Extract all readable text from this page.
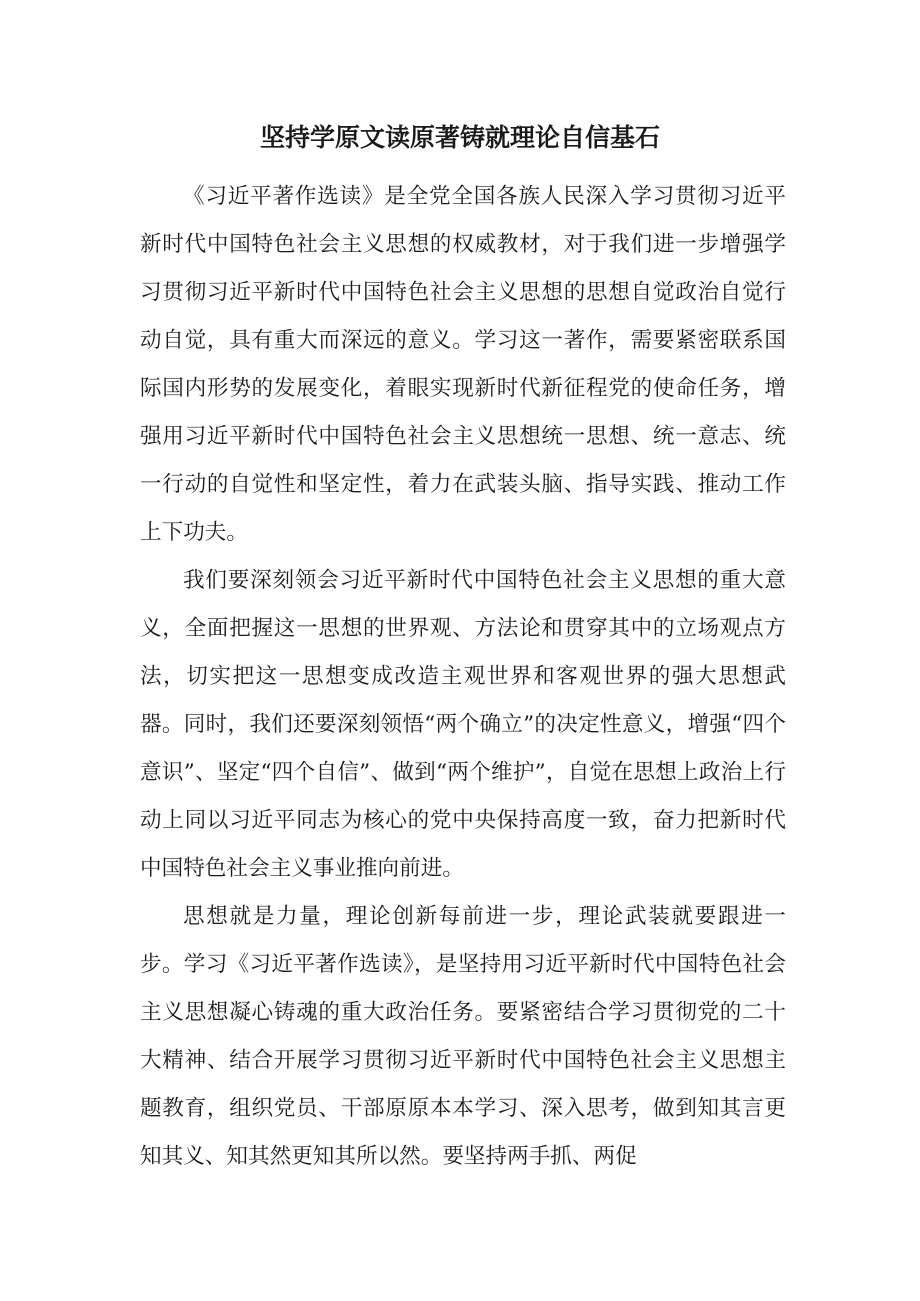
坚持学原文读原著铸就理论自信基石

《习近平著作选读》是全党全国各族人民深入学习贯彻习近平新时代中国特色社会主义思想的权威教材，对于我们进一步增强学习贯彻习近平新时代中国特色社会主义思想的思想自觉政治自觉行动自觉，具有重大而深远的意义。学习这一著作，需要紧密联系国际国内形势的发展变化，着眼实现新时代新征程党的使命任务，增强用习近平新时代中国特色社会主义思想统一思想、统一意志、统一行动的自觉性和坚定性，着力在武装头脑、指导实践、推动工作上下功夫。

我们要深刻领会习近平新时代中国特色社会主义思想的重大意义，全面把握这一思想的世界观、方法论和贯穿其中的立场观点方法，切实把这一思想变成改造主观世界和客观世界的强大思想武器。同时，我们还要深刻领悟“两个确立”的决定性意义，增强“四个意识”、坚定“四个自信”、做到“两个维护”，自觉在思想上政治上行动上同以习近平同志为核心的党中央保持高度一致，奋力把新时代中国特色社会主义事业推向前进。

思想就是力量，理论创新每前进一步，理论武装就要跟进一步。学习《习近平著作选读》，是坚持用习近平新时代中国特色社会主义思想凝心铸魂的重大政治任务。要紧密结合学习贯彻党的二十大精神、结合开展学习贯彻习近平新时代中国特色社会主义思想主题教育，组织党员、干部原原本本学习、深入思考，做到知其言更知其义、知其然更知其所以然。要坚持两手抓、两促
